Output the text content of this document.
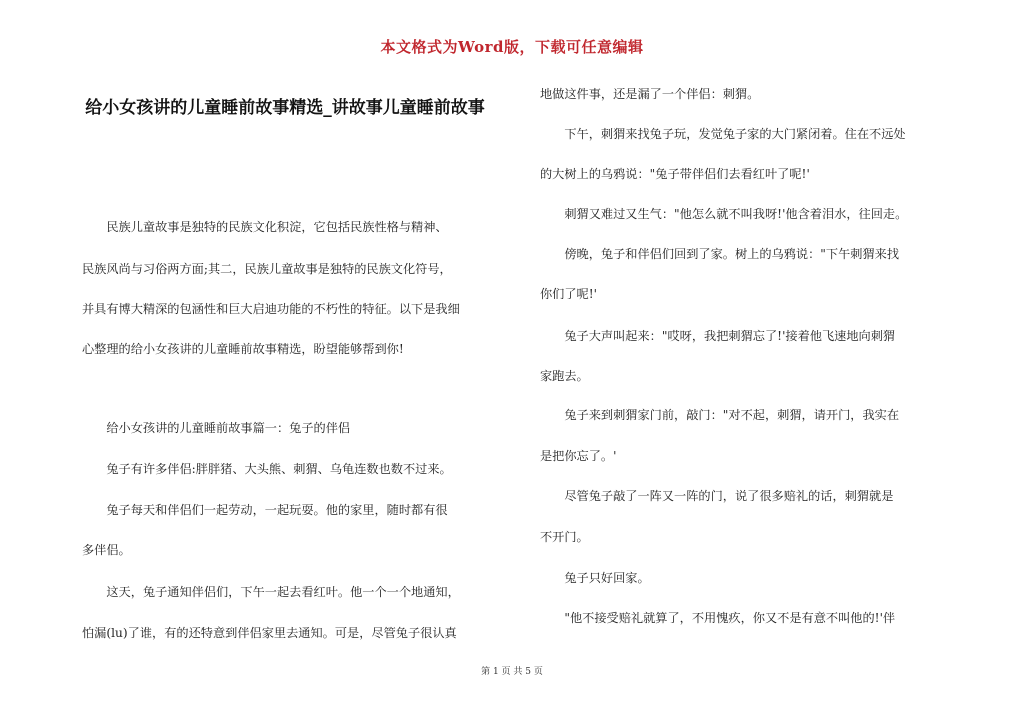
本文格式为Word版，下载可任意编辑
给小女孩讲的儿童睡前故事精选_讲故事儿童睡前故事

　　民族儿童故事是独特的民族文化积淀，它包括民族性格与精神、

民族风尚与习俗两方面;其二，民族儿童故事是独特的民族文化符号，

并具有博大精深的包涵性和巨大启迪功能的不朽性的特征。以下是我细

心整理的给小女孩讲的儿童睡前故事精选，盼望能够帮到你!

　　给小女孩讲的儿童睡前故事篇一：兔子的伴侣

　　兔子有许多伴侣:胖胖猪、大头熊、刺猬、乌龟连数也数不过来。

　　兔子每天和伴侣们一起劳动，一起玩耍。他的家里，随时都有很

多伴侣。

　　这天，兔子通知伴侣们，下午一起去看红叶。他一个一个地通知，

怕漏(lu)了谁，有的还特意到伴侣家里去通知。可是，尽管兔子很认真

地做这件事，还是漏了一个伴侣：刺猬。

　　下午，刺猬来找兔子玩，发觉兔子家的大门紧闭着。住在不远处

的大树上的乌鸦说："兔子带伴侣们去看红叶了呢!'

　　刺猬又难过又生气："他怎么就不叫我呀!'他含着泪水，往回走。

　　傍晚，兔子和伴侣们回到了家。树上的乌鸦说："下午刺猬来找

你们了呢!'

　　兔子大声叫起来："哎呀，我把刺猬忘了!'接着他飞速地向刺猬

家跑去。

　　兔子来到刺猬家门前，敲门："对不起，刺猬，请开门，我实在

是把你忘了。'

　　尽管兔子敲了一阵又一阵的门，说了很多赔礼的话，刺猬就是

不开门。

　　兔子只好回家。

　　"他不接受赔礼就算了，不用愧疚，你又不是有意不叫他的!'伴

第 1 页 共 5 页
